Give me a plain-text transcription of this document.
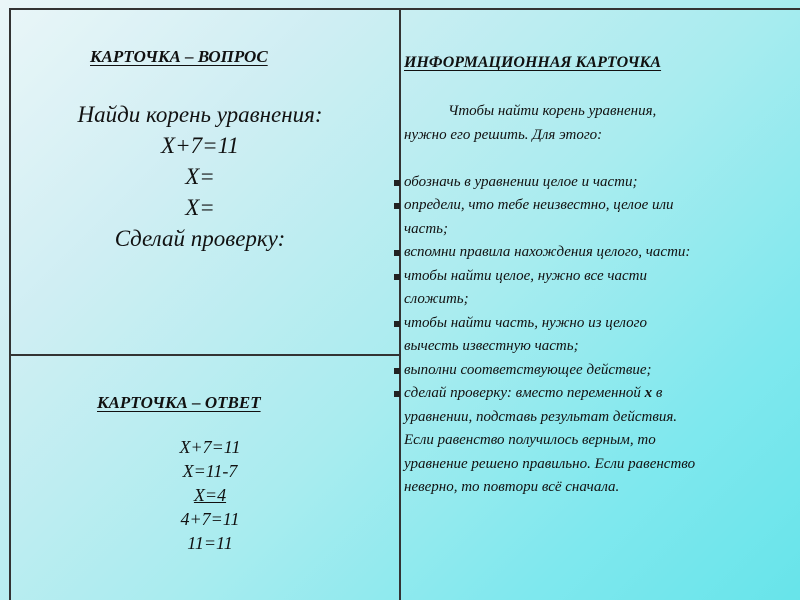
КАРТОЧКА – ВОПРОС
Найди корень уравнения:
X+7=11
X=
X=
Сделай проверку:
КАРТОЧКА – ОТВЕТ
X+7=11
X=11-7
X=4
4+7=11
11=11
ИНФОРМАЦИОННАЯ КАРТОЧКА
Чтобы найти корень уравнения,
нужно его решить. Для этого:
обозначь в уравнении целое и части;
определи, что тебе неизвестно, целое или
часть;
вспомни правила нахождения целого, части:
чтобы найти целое, нужно все части
сложить;
чтобы найти часть, нужно из целого
вычесть известную часть;
выполни соответствующее действие;
сделай проверку: вместо переменной х в
уравнении, подставь результат действия.
Если равенство получилось верным, то
уравнение решено правильно. Если равенство
неверно, то повтори всё сначала.
